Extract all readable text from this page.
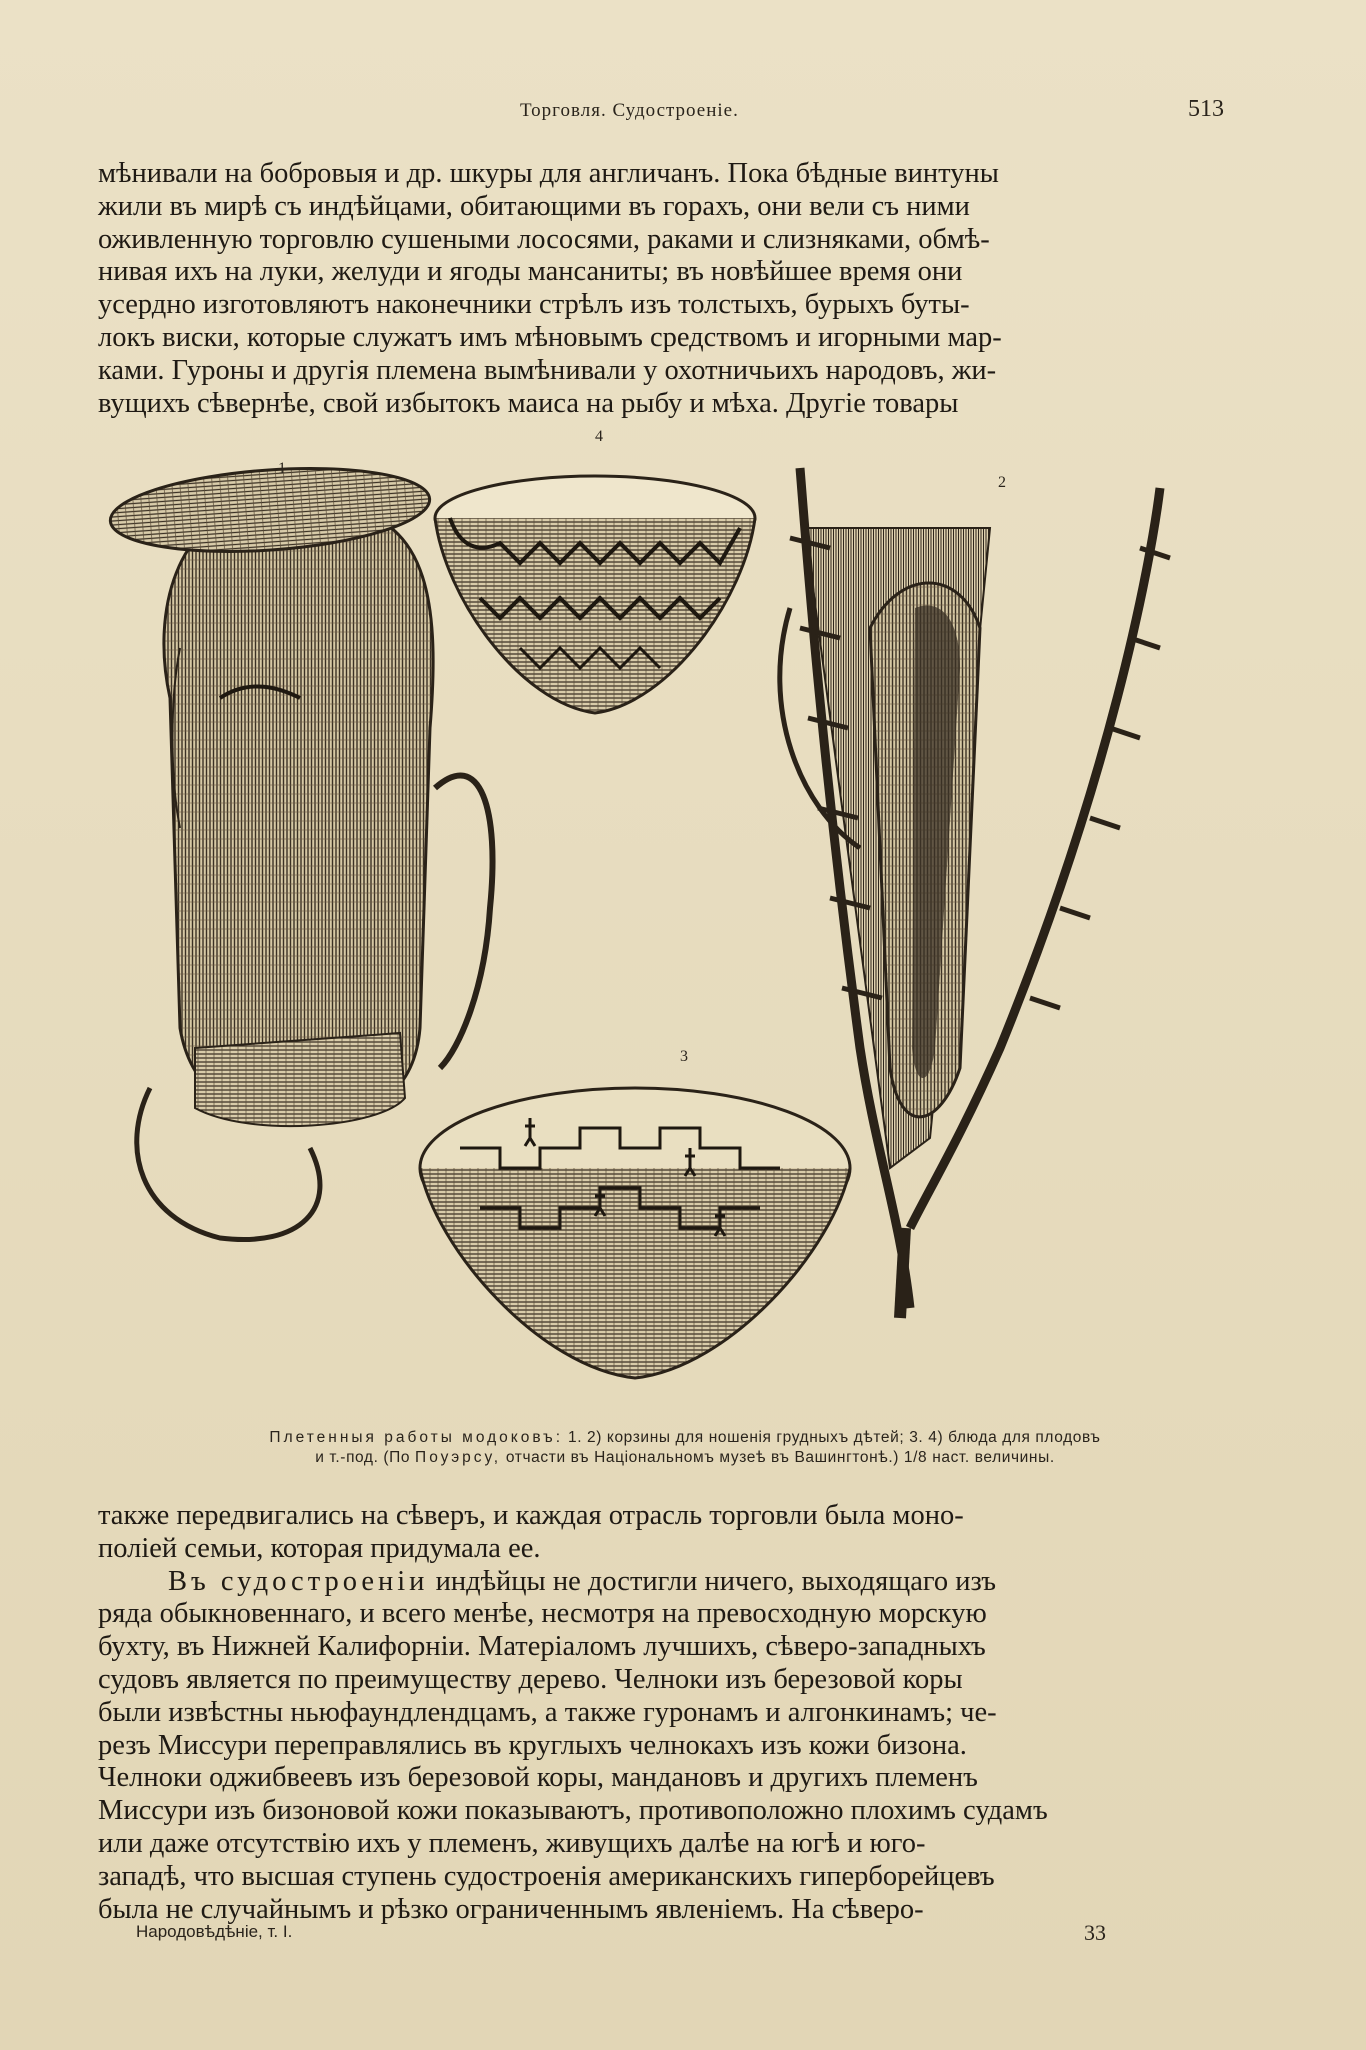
Торговля. Судостроеніе.	513

мѣнивали на бобровыя и др. шкуры для англичанъ. Пока бѣдные винтуны

жили въ мирѣ съ индѣйцами, обитающими въ горахъ, они вели съ ними

оживленную торговлю сушеными лососями, раками и слизняками, обмѣ-

нивая ихъ на луки, желуди и ягоды мансаниты; въ новѣйшее время они

усердно изготовляютъ наконечники стрѣлъ изъ толстыхъ, бурыхъ буты-

локъ виски, которые служатъ имъ мѣновымъ средствомъ и игорными мар-

ками. Гуроны и другія племена вымѣнивали у охотничьихъ народовъ, жи-

вущихъ сѣвернѣе, свой избытокъ маиса на рыбу и мѣха. Другіе товары

1
4
2
3
Плетенныя работы модоковъ: 1. 2) корзины для ношенія грудныхъ дѣтей; 3. 4) блюда для плодовъ
и т.-под. (По Поуэрсу, отчасти въ Національномъ музеѣ въ Вашингтонѣ.) 1/8 наст. величины.

также передвигались на сѣверъ, и каждая отрасль торговли была моно-

поліей семьи, которая придумала ее.

Въ судостроеніи индѣйцы не достигли ничего, выходящаго изъ

ряда обыкновеннаго, и всего менѣе, несмотря на превосходную морскую

бухту, въ Нижней Калифорніи. Матеріаломъ лучшихъ, сѣверо-западныхъ

судовъ является по преимуществу дерево. Челноки изъ березовой коры

были извѣстны ньюфаундлендцамъ, а также гуронамъ и алгонкинамъ; че-

резъ Миссури переправлялись въ круглыхъ челнокахъ изъ кожи бизона.

Челноки оджибвеевъ изъ березовой коры, мандановъ и другихъ племенъ

Миссури изъ бизоновой кожи показываютъ, противоположно плохимъ судамъ

или даже отсутствію ихъ у племенъ, живущихъ далѣе на югѣ и юго-

западѣ, что высшая ступень судостроенія американскихъ гиперборейцевъ

была не случайнымъ и рѣзко ограниченнымъ явленіемъ. На сѣверо-

Народовѣдѣніе, т. I.	33
